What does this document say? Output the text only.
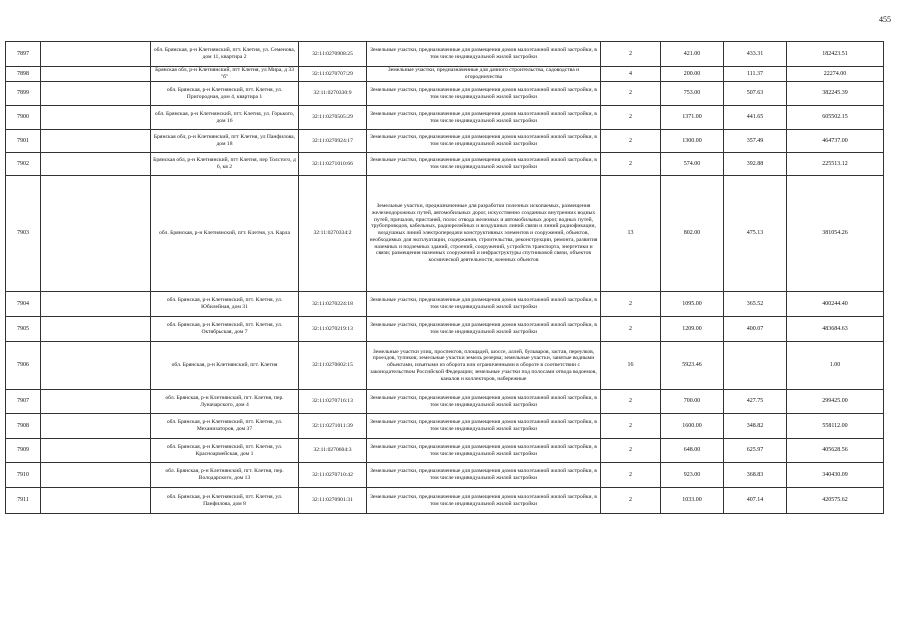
455
7897		обл. Брянская, р-н Клетнянский, пгт. Клетня, ул. Семенова, дом 11, квартира 2	32:11:0270908:25	Земельные участки, предназначенные для размещения домов малоэтажной жилой застройки, в том числе индивидуальной жилой застройки	2	421.00	433.31	182423.51
7898		Брянская обл, р-н Клетнянский, пгт Клетня, ул Мира, д 33 "б"	32:11:0270707:29	Земельные участки, предназначенные для дачного строительства, садоводства и огородничества	4	200.00	111.37	22274.00
7899		обл. Брянская, р-н Клетнянский, пгт. Клетня, ул. Пригородная, дом 4, квартира 1	32:11:0270330:9	Земельные участки, предназначенные для размещения домов малоэтажной жилой застройки, в том числе индивидуальной жилой застройки	2	753.00	507.63	382245.39
7900		обл. Брянская, р-н Клетнянский, пгт. Клетня, ул. Горького, дом 16	32:11:0270505:29	Земельные участки, предназначенные для размещения домов малоэтажной жилой застройки, в том числе индивидуальной жилой застройки	2	1371.00	441.65	605502.15
7901		Брянская обл, р-н Клетнянский, пгт Клетня, ул Панфилова, дом 18	32:11:0270924:17	Земельные участки, предназначенные для размещения домов малоэтажной жилой застройки, в том числе индивидуальной жилой застройки	2	1300.00	357.49	464737.00
7902		Брянская обл, р-н Клетнянский, пгт Клетня, пер Толстого, д 6, кв 2	32:11:0271010:66	Земельные участки, предназначенные для размещения домов малоэтажной жилой застройки, в том числе индивидуальной жилой застройки	2	574.00	392.88	225513.12
7903		обл. Брянская, р-н Клетнянский, пгт. Клетня, ул. Карла	32:11:0270334:2	Земельные участки, предназначенные для разработки полезных ископаемых, размещения железнодорожных путей, автомобильных дорог, искусственно созданных внутренних водных путей, причалов, пристаней, полос отвода железных и автомобильных дорог, водных путей, трубопроводов, кабельных, радиорелейных и воздушных линий связи и линий радиофикации, воздушных линий электропередачи конструктивных элементов и сооружений, объектов, необходимых для эксплуатации, содержания, строительства, реконструкции, ремонта, развития наземных и подземных зданий, строений, сооружений, устройств транспорта, энергетики и связи; размещения наземных сооружений и инфраструктуры спутниковой связи, объектов космической деятельности, военных объектов	13	802.00	475.13	381054.26
7904		обл. Брянская, р-н Клетнянский, пгт. Клетня, ул. Юбилейная, дом 31	32:11:0270224:18	Земельные участки, предназначенные для размещения домов малоэтажной жилой застройки, в том числе индивидуальной жилой застройки	2	1095.00	365.52	400244.40
7905		обл. Брянская, р-н Клетнянский, пгт. Клетня, ул. Октябрьская, дом 7	32:11:0270219:13	Земельные участки, предназначенные для размещения домов малоэтажной жилой застройки, в том числе индивидуальной жилой застройки	2	1209.00	400.07	483684.63
7906		обл. Брянская, р-н Клетнянский, пгт. Клетня	32:11:0270602:15	Земельные участки улиц, проспектов, площадей, шоссе, аллей, бульваров, застав, переулков, проездов, тупиков; земельные участки земель резерва; земельные участки, занятые водными объектами, изъятыми из оборота или ограниченными в обороте в соответствии с законодательством Российской Федерации; земельные участки под полосами отвода водоемов, каналов и коллекторов, набережные	16	5923.46		1.00
7907		обл. Брянская, р-н Клетнянский, пгт. Клетня, пер. Луначарского, дом 4	32:11:0270716:13	Земельные участки, предназначенные для размещения домов малоэтажной жилой застройки, в том числе индивидуальной жилой застройки	2	700.00	427.75	299425.00
7908		обл. Брянская, р-н Клетнянский, пгт. Клетня, ул. Механизаторов, дом 37	32:11:0271011:39	Земельные участки, предназначенные для размещения домов малоэтажной жилой застройки, в том числе индивидуальной жилой застройки	2	1600.00	348.82	558112.00
7909		обл. Брянская, р-н Клетнянский, пгт. Клетня, ул. Красноармейская, дом 1	32:11:0270604:3	Земельные участки, предназначенные для размещения домов малоэтажной жилой застройки, в том числе индивидуальной жилой застройки	2	648.00	625.97	405628.56
7910		обл. Брянская, р-н Клетнянский, пгт. Клетня, пер. Володарского, дом 13	32:11:0270710:42	Земельные участки, предназначенные для размещения домов малоэтажной жилой застройки, в том числе индивидуальной жилой застройки	2	923.00	368.83	340430.09
7911		обл. Брянская, р-н Клетнянский, пгт. Клетня, ул. Панфилова, дом 8	32:11:0270901:31	Земельные участки, предназначенные для размещения домов малоэтажной жилой застройки, в том числе индивидуальной жилой застройки	2	1033.00	407.14	420575.62
